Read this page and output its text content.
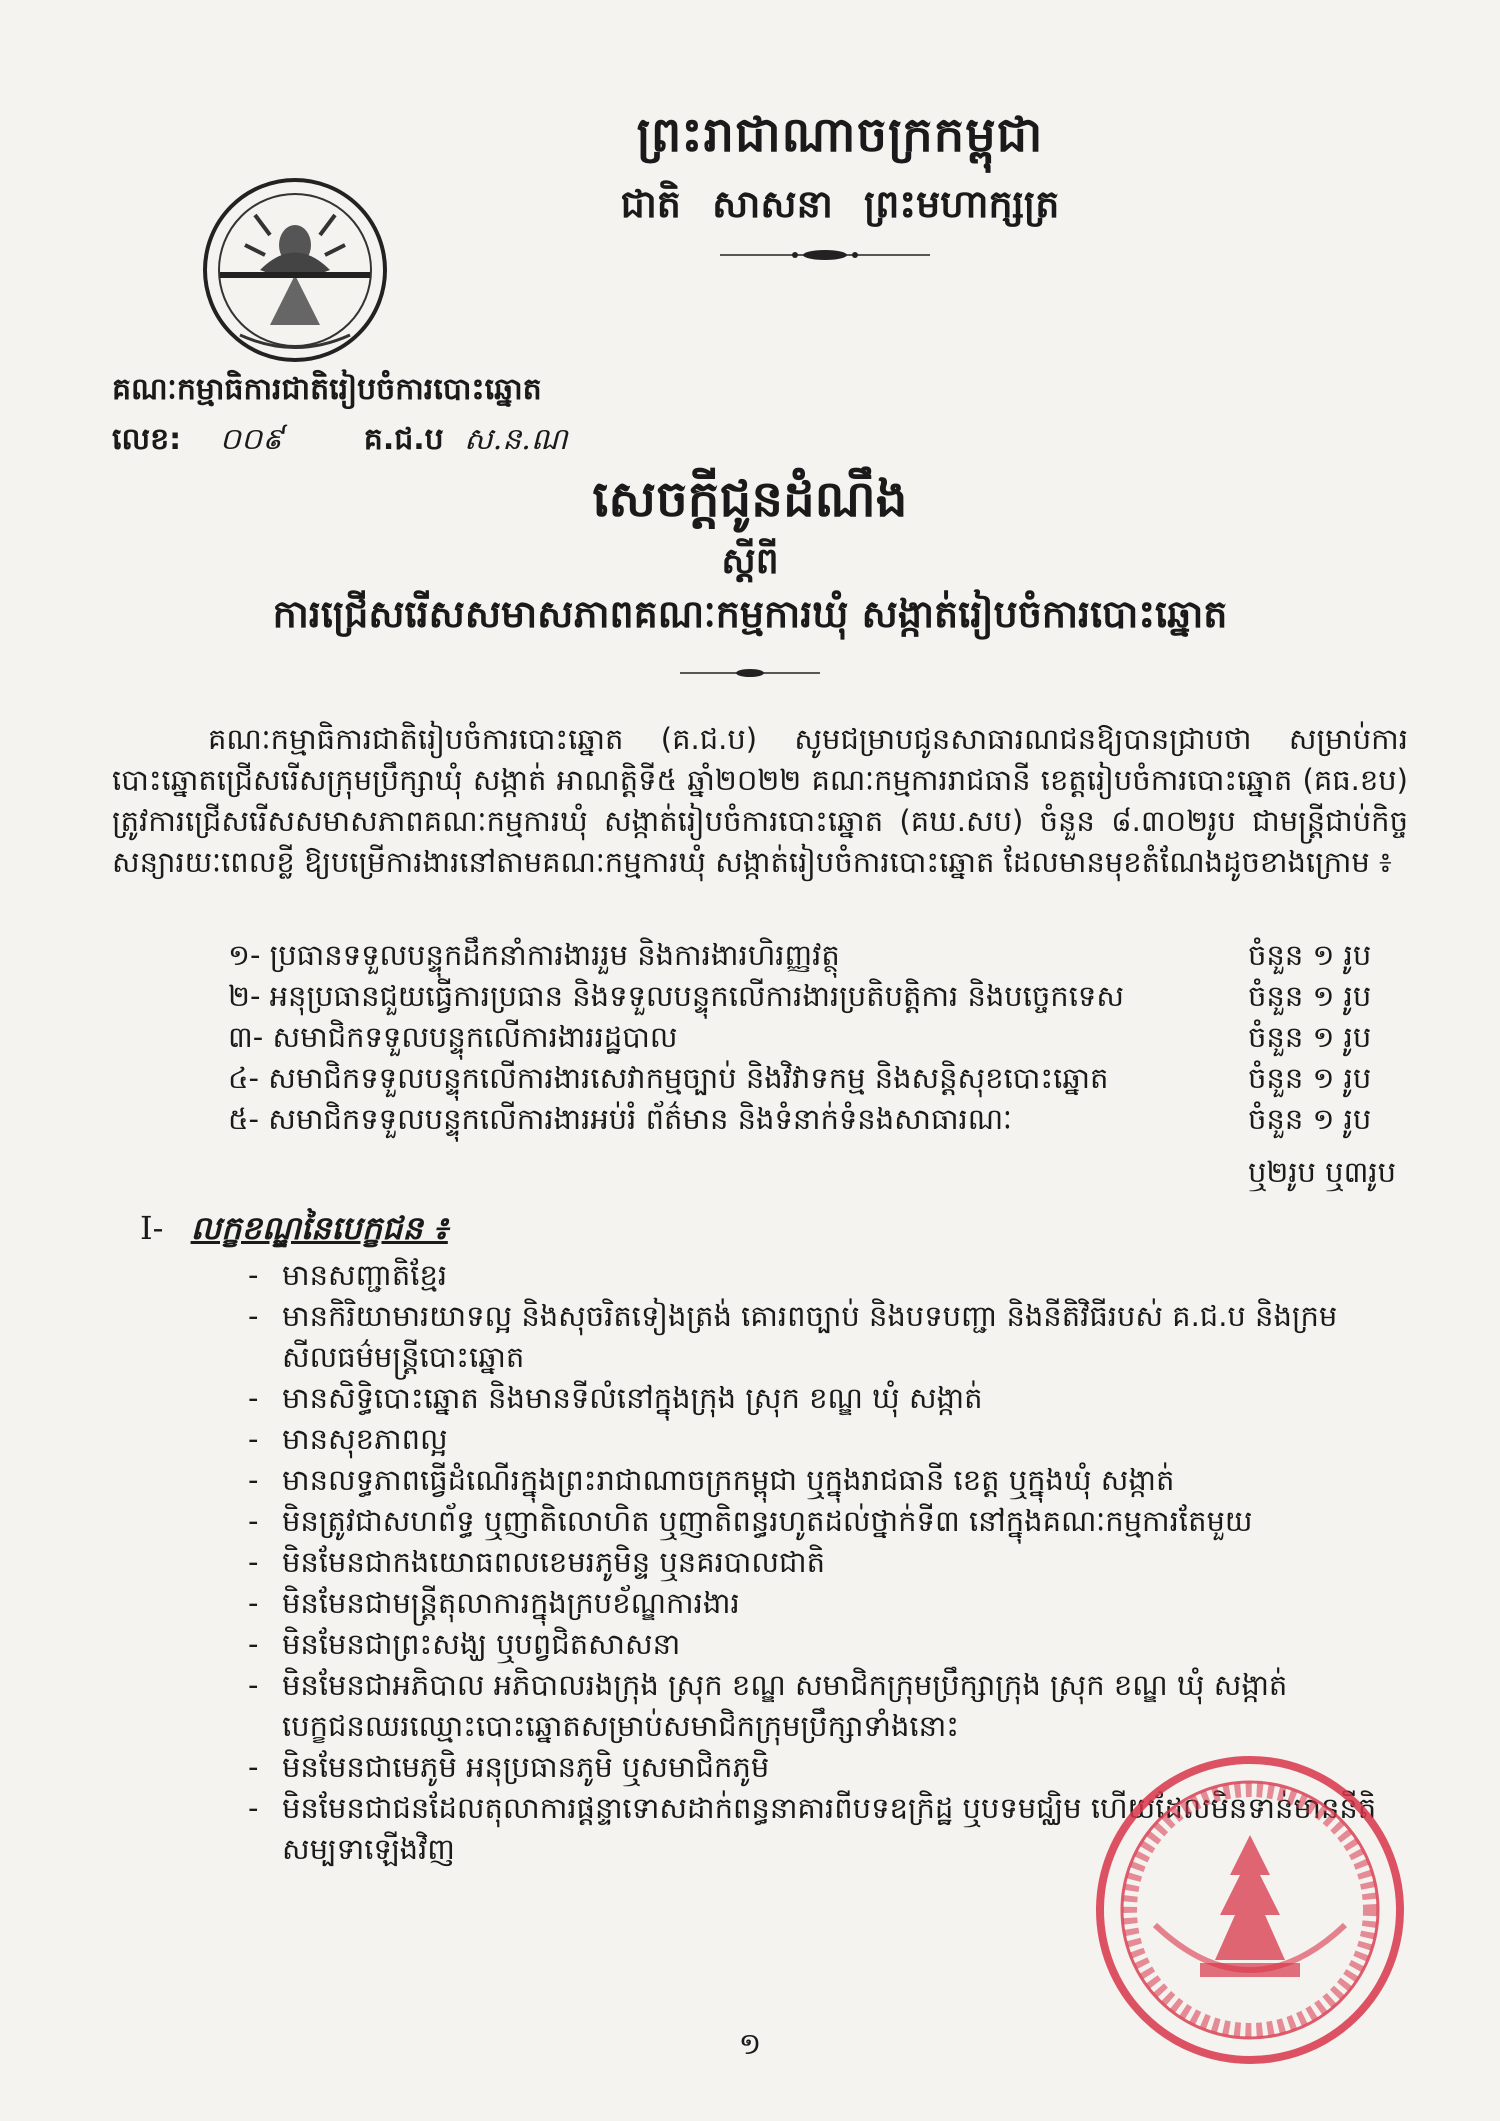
ព្រះរាជាណាចក្រកម្ពុជា
ជាតិ សាសនា ព្រះមហាក្សត្រ
គណៈកម្មាធិការជាតិរៀបចំការបោះឆ្នោត
លេខ: ០០៩	គ.ជ.ប ស.ន.ណ
សេចក្តីជូនដំណឹង
ស្តីពី
ការជ្រើសរើសសមាសភាពគណៈកម្មការឃុំ សង្កាត់រៀបចំការបោះឆ្នោត

គណៈកម្មាធិការជាតិរៀបចំការបោះឆ្នោត (គ.ជ.ប) សូមជម្រាបជូនសាធារណជនឱ្យបានជ្រាបថា សម្រាប់ការបោះឆ្នោតជ្រើសរើសក្រុមប្រឹក្សាឃុំ សង្កាត់ អាណត្តិទី៥ ឆ្នាំ២០២២ គណៈកម្មការរាជធានី ខេត្តរៀបចំការបោះឆ្នោត (គធ.ខប) ត្រូវការជ្រើសរើសសមាសភាពគណៈកម្មការឃុំ សង្កាត់រៀបចំការបោះឆ្នោត (គឃ.សប) ចំនួន ៨.៣០២រូប ជាមន្ត្រីជាប់កិច្ចសន្យារយៈពេលខ្លី ឱ្យបម្រើការងារនៅតាមគណៈកម្មការឃុំ សង្កាត់រៀបចំការបោះឆ្នោត ដែលមានមុខតំណែងដូចខាងក្រោម ៖

១- ប្រធានទទួលបន្ទុកដឹកនាំការងាររួម និងការងារហិរញ្ញវត្ថុ	ចំនួន ១ រូប
២- អនុប្រធានជួយធ្វើការប្រធាន និងទទួលបន្ទុកលើការងារប្រតិបត្តិការ និងបច្ចេកទេស	ចំនួន ១ រូប
៣- សមាជិកទទួលបន្ទុកលើការងាររដ្ឋបាល	ចំនួន ១ រូប
៤- សមាជិកទទួលបន្ទុកលើការងារសេវាកម្មច្បាប់ និងវិវាទកម្ម និងសន្តិសុខបោះឆ្នោត	ចំនួន ១ រូប
៥- សមាជិកទទួលបន្ទុកលើការងារអប់រំ ព័ត៌មាន និងទំនាក់ទំនងសាធារណៈ	ចំនួន ១ រូប
ឬ២រូប ឬ៣រូប
I- លក្ខខណ្ឌនៃបេក្ខជន ៖
- មានសញ្ជាតិខ្មែរ
- មានកិរិយាមារយាទល្អ និងសុចរិតទៀងត្រង់ គោរពច្បាប់ និងបទបញ្ជា និងនីតិវិធីរបស់ គ.ជ.ប និងក្រមសីលធម៌មន្ត្រីបោះឆ្នោត
- មានសិទ្ធិបោះឆ្នោត និងមានទីលំនៅក្នុងក្រុង ស្រុក ខណ្ឌ ឃុំ សង្កាត់
- មានសុខភាពល្អ
- មានលទ្ធភាពធ្វើដំណើរក្នុងព្រះរាជាណាចក្រកម្ពុជា ឬក្នុងរាជធានី ខេត្ត ឬក្នុងឃុំ សង្កាត់
- មិនត្រូវជាសហព័ទ្ធ ឬញាតិលោហិត ឬញាតិពន្ធរហូតដល់ថ្នាក់ទី៣ នៅក្នុងគណៈកម្មការតែមួយ
- មិនមែនជាកងយោធពលខេមរភូមិន្ទ ឬនគរបាលជាតិ
- មិនមែនជាមន្ត្រីតុលាការក្នុងក្របខ័ណ្ឌការងារ
- មិនមែនជាព្រះសង្ឃ ឬបព្វជិតសាសនា
- មិនមែនជាអភិបាល អភិបាលរងក្រុង ស្រុក ខណ្ឌ សមាជិកក្រុមប្រឹក្សាក្រុង ស្រុក ខណ្ឌ ឃុំ សង្កាត់ បេក្ខជនឈរឈ្មោះបោះឆ្នោតសម្រាប់សមាជិកក្រុមប្រឹក្សាទាំងនោះ
- មិនមែនជាមេភូមិ អនុប្រធានភូមិ ឬសមាជិកភូមិ
- មិនមែនជាជនដែលតុលាការផ្តន្ទាទោសដាក់ពន្ធនាគារពីបទឧក្រិដ្ឋ ឬបទមជ្ឈិម ហើយដែលមិនទាន់មាននីតិសម្បទាឡើងវិញ
១
